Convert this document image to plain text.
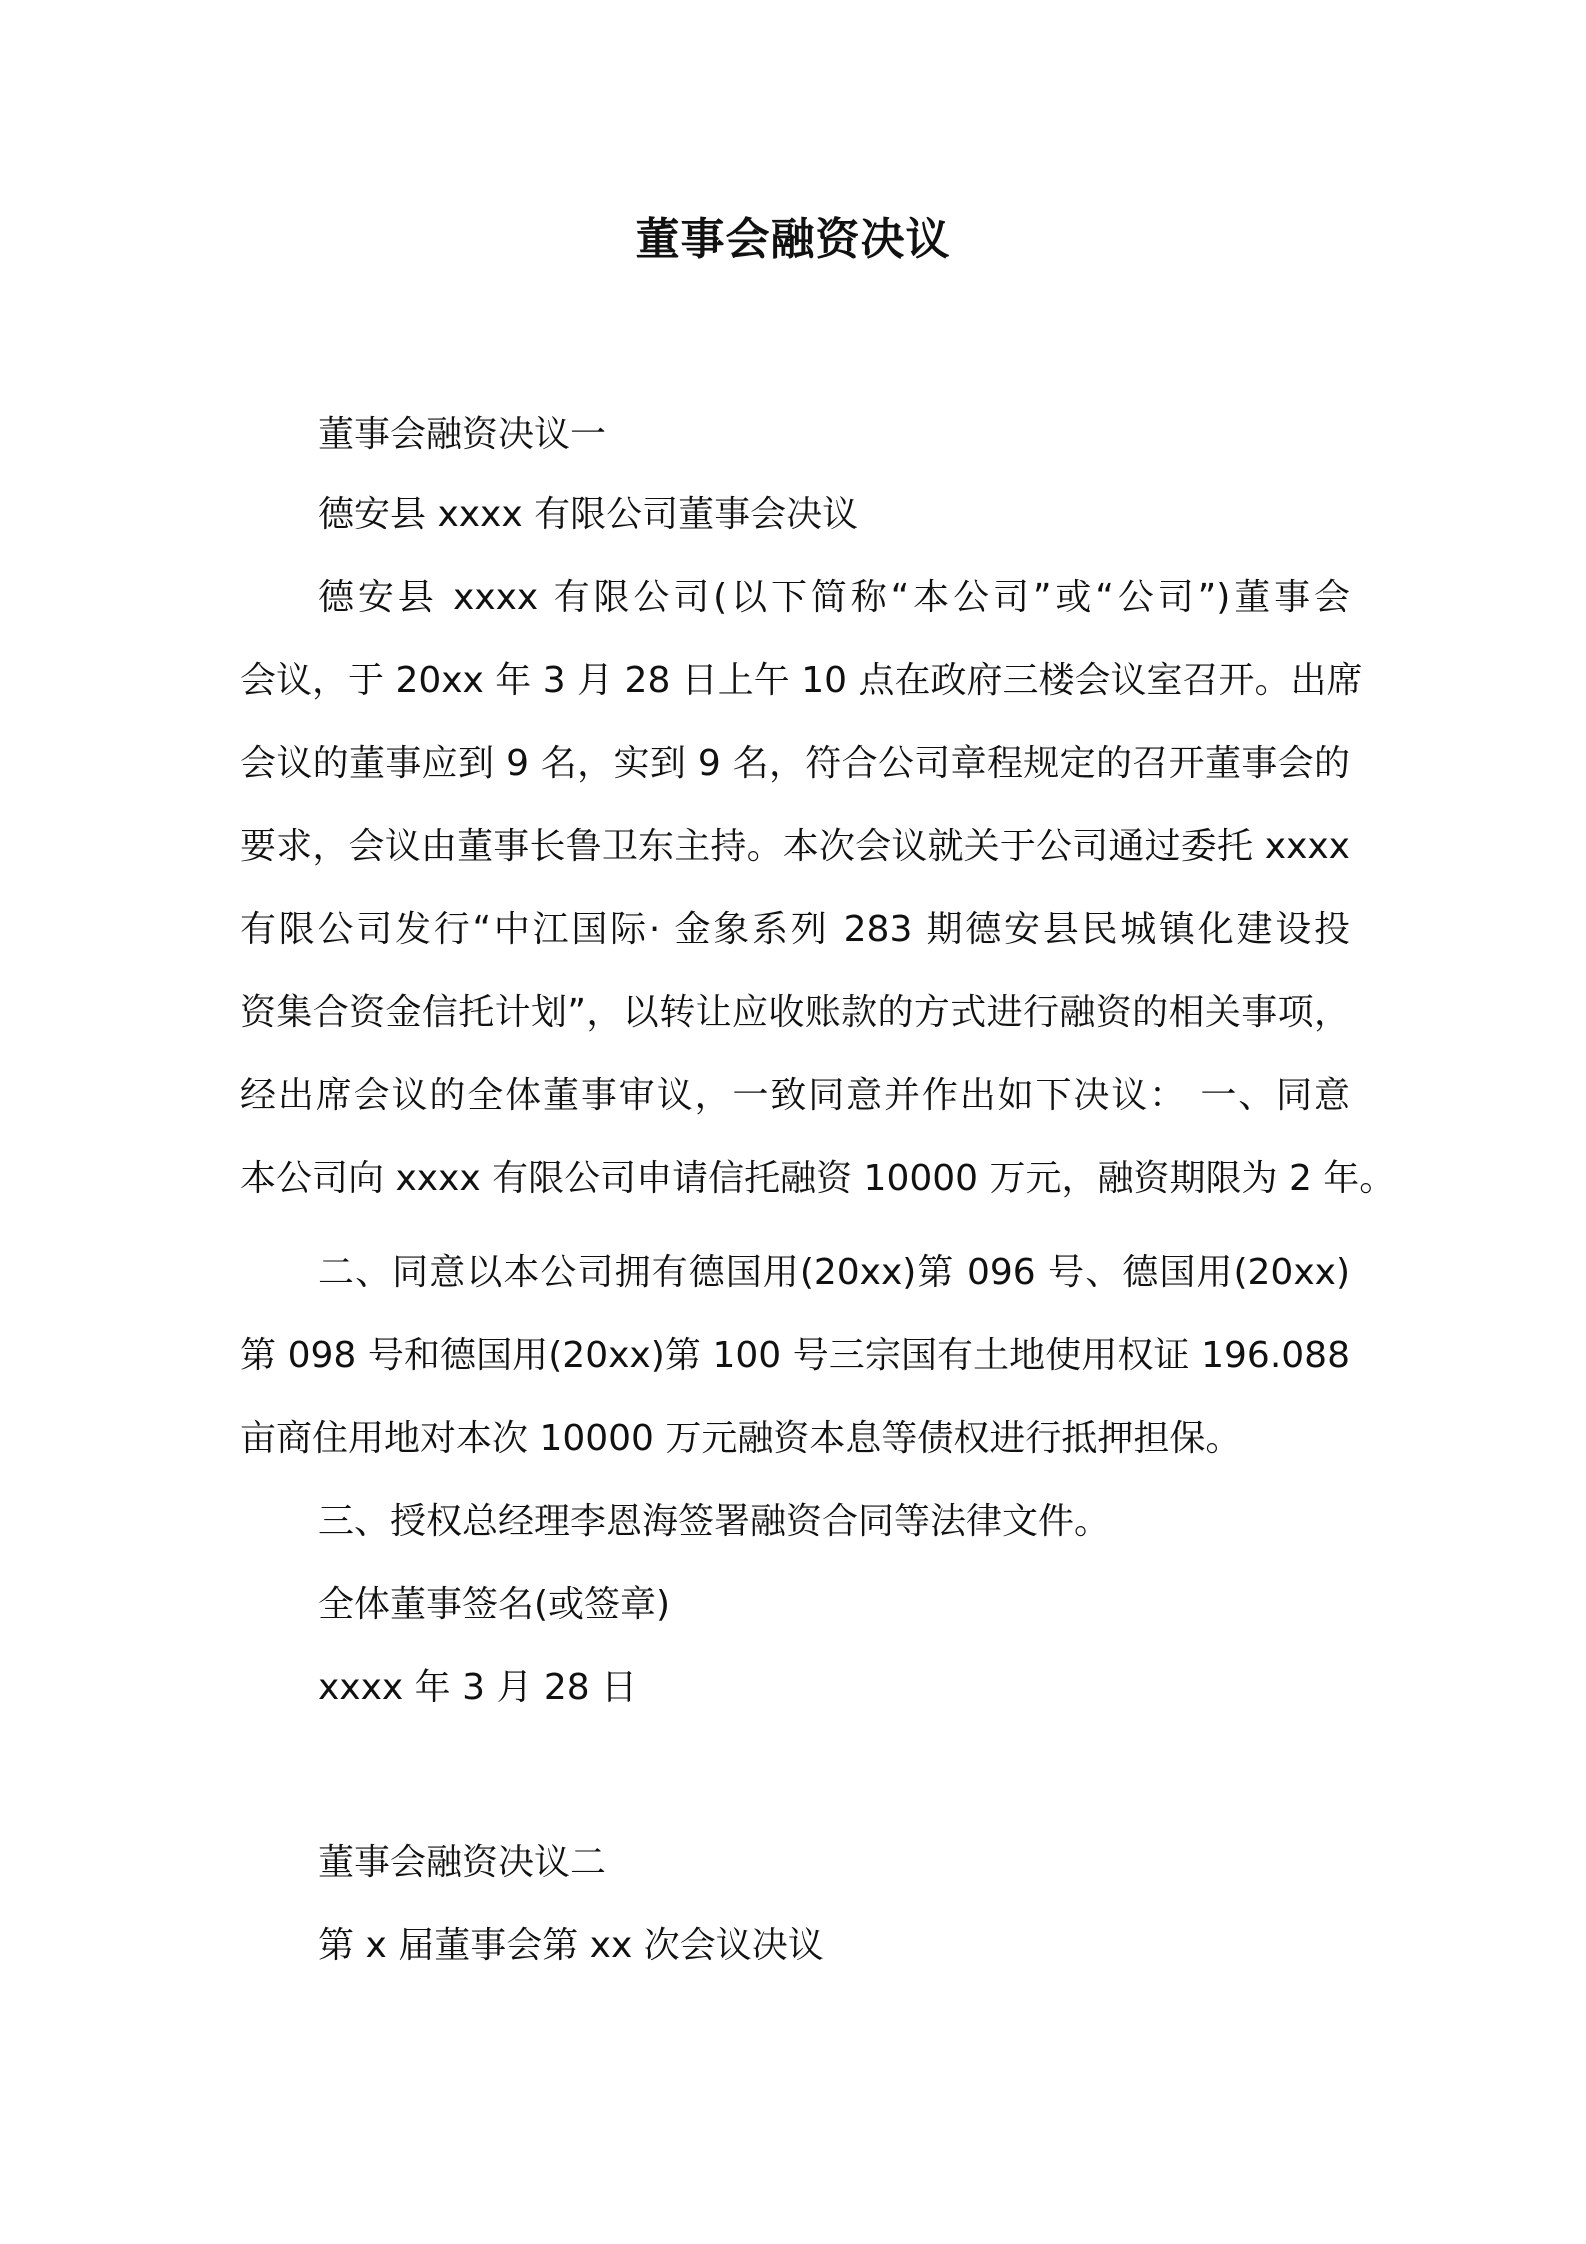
董事会融资决议

董事会融资决议一

德安县 xxxx 有限公司董事会决议

德安县 xxxx 有限公司(以下简称“本公司”或“公司”)董事会

会议，于 20xx 年 3 月 28 日上午 10 点在政府三楼会议室召开。出席

会议的董事应到 9 名，实到 9 名，符合公司章程规定的召开董事会的

要求，会议由董事长鲁卫东主持。本次会议就关于公司通过委托 xxxx

有限公司发行“中江国际· 金象系列 283 期德安县民城镇化建设投

资集合资金信托计划”，以转让应收账款的方式进行融资的相关事项，

经出席会议的全体董事审议，一致同意并作出如下决议： 一、同意

本公司向 xxxx 有限公司申请信托融资 10000 万元，融资期限为 2 年。

二、同意以本公司拥有德国用(20xx)第 096 号、德国用(20xx)

第 098 号和德国用(20xx)第 100 号三宗国有土地使用权证 196.088

亩商住用地对本次 10000 万元融资本息等债权进行抵押担保。

三、授权总经理李恩海签署融资合同等法律文件。

全体董事签名(或签章)

xxxx 年 3 月 28 日

董事会融资决议二

第 x 届董事会第 xx 次会议决议
